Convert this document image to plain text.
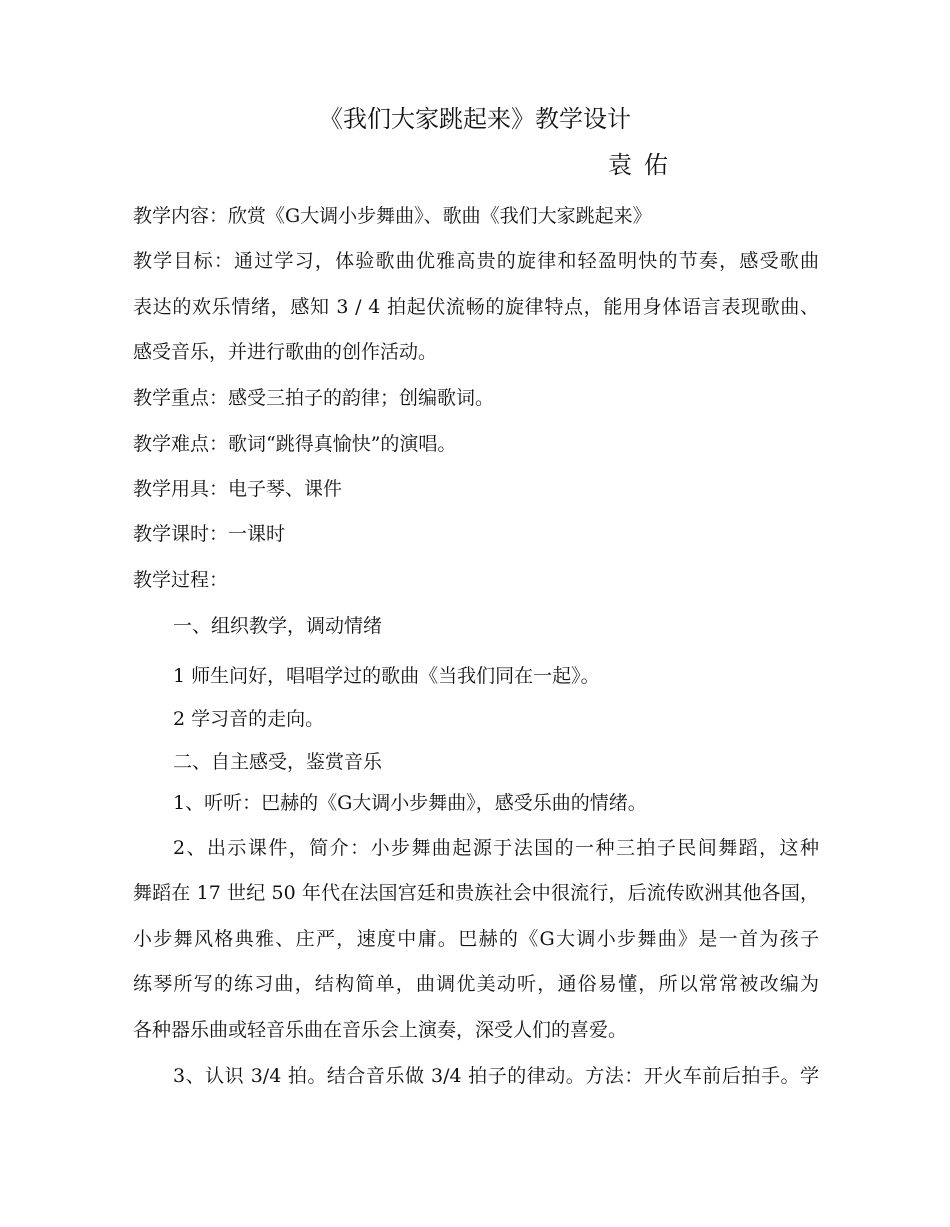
《我们大家跳起来》教学设计
袁佑
教学内容：欣赏《G大调小步舞曲》、歌曲《我们大家跳起来》
教学目标：通过学习，体验歌曲优雅高贵的旋律和轻盈明快的节奏，感受歌曲
表达的欢乐情绪，感知 3 / 4 拍起伏流畅的旋律特点，能用身体语言表现歌曲、
感受音乐，并进行歌曲的创作活动。
教学重点：感受三拍子的韵律；创编歌词。
教学难点：歌词“跳得真愉快”的演唱。
教学用具：电子琴、课件
教学课时：一课时
教学过程：
一、组织教学，调动情绪
1 师生问好，唱唱学过的歌曲《当我们同在一起》。
2 学习音的走向。
二、自主感受，鉴赏音乐
1、听听：巴赫的《G大调小步舞曲》，感受乐曲的情绪。
2、出示课件，简介：小步舞曲起源于法国的一种三拍子民间舞蹈，这种
舞蹈在 17 世纪 50 年代在法国宫廷和贵族社会中很流行，后流传欧洲其他各国，
小步舞风格典雅、庄严，速度中庸。巴赫的《G大调小步舞曲》是一首为孩子
练琴所写的练习曲，结构简单，曲调优美动听，通俗易懂，所以常常被改编为
各种器乐曲或轻音乐曲在音乐会上演奏，深受人们的喜爱。
3、认识 3/4 拍。结合音乐做 3/4 拍子的律动。方法：开火车前后拍手。学
